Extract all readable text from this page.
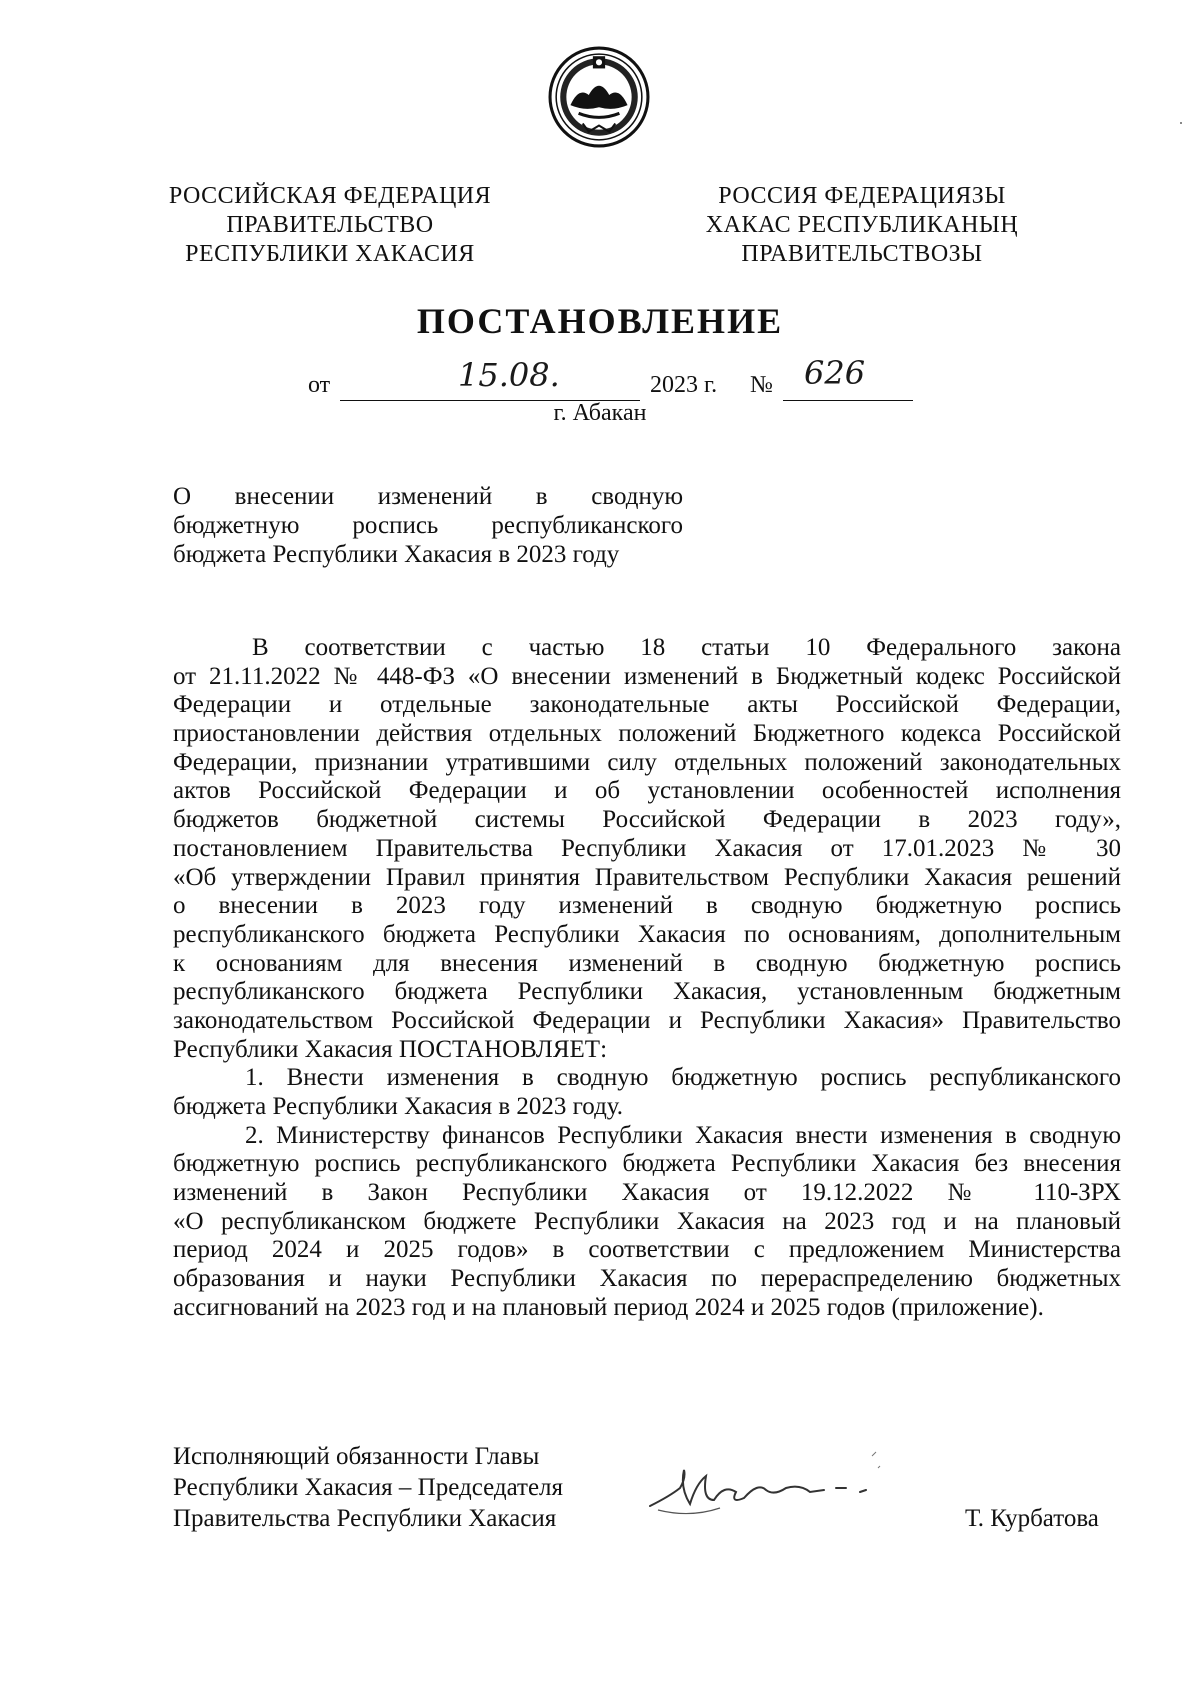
РОССИЙСКАЯ ФЕДЕРАЦИЯ
ПРАВИТЕЛЬСТВО
РЕСПУБЛИКИ ХАКАСИЯ
РОССИЯ ФЕДЕРАЦИЯЗЫ
ХАКАС РЕСПУБЛИКАНЫҢ
ПРАВИТЕЛЬСТВОЗЫ
ПОСТАНОВЛЕНИЕ
от	15.08.	2023 г. № 626
г. Абакан
О внесении изменений в сводную
бюджетную роспись республиканского
бюджета Республики Хакасия в 2023 году
В соответствии с частью 18 статьи 10 Федерального закона
от 21.11.2022 № 448-ФЗ «О внесении изменений в Бюджетный кодекс Российской
Федерации и отдельные законодательные акты Российской Федерации,
приостановлении действия отдельных положений Бюджетного кодекса Российской
Федерации, признании утратившими силу отдельных положений законодательных
актов Российской Федерации и об установлении особенностей исполнения
бюджетов бюджетной системы Российской Федерации в 2023 году»,
постановлением Правительства Республики Хакасия от 17.01.2023 № 30
«Об утверждении Правил принятия Правительством Республики Хакасия решений
о внесении в 2023 году изменений в сводную бюджетную роспись
республиканского бюджета Республики Хакасия по основаниям, дополнительным
к основаниям для внесения изменений в сводную бюджетную роспись
республиканского бюджета Республики Хакасия, установленным бюджетным
законодательством Российской Федерации и Республики Хакасия» Правительство
Республики Хакасия ПОСТАНОВЛЯЕТ:
1. Внести изменения в сводную бюджетную роспись республиканского
бюджета Республики Хакасия в 2023 году.
2. Министерству финансов Республики Хакасия внести изменения в сводную
бюджетную роспись республиканского бюджета Республики Хакасия без внесения
изменений в Закон Республики Хакасия от 19.12.2022 № 110-ЗРХ
«О республиканском бюджете Республики Хакасия на 2023 год и на плановый
период 2024 и 2025 годов» в соответствии с предложением Министерства
образования и науки Республики Хакасия по перераспределению бюджетных
ассигнований на 2023 год и на плановый период 2024 и 2025 годов (приложение).
Исполняющий обязанности Главы
Республики Хакасия – Председателя
Правительства Республики Хакасия	Т. Курбатова
